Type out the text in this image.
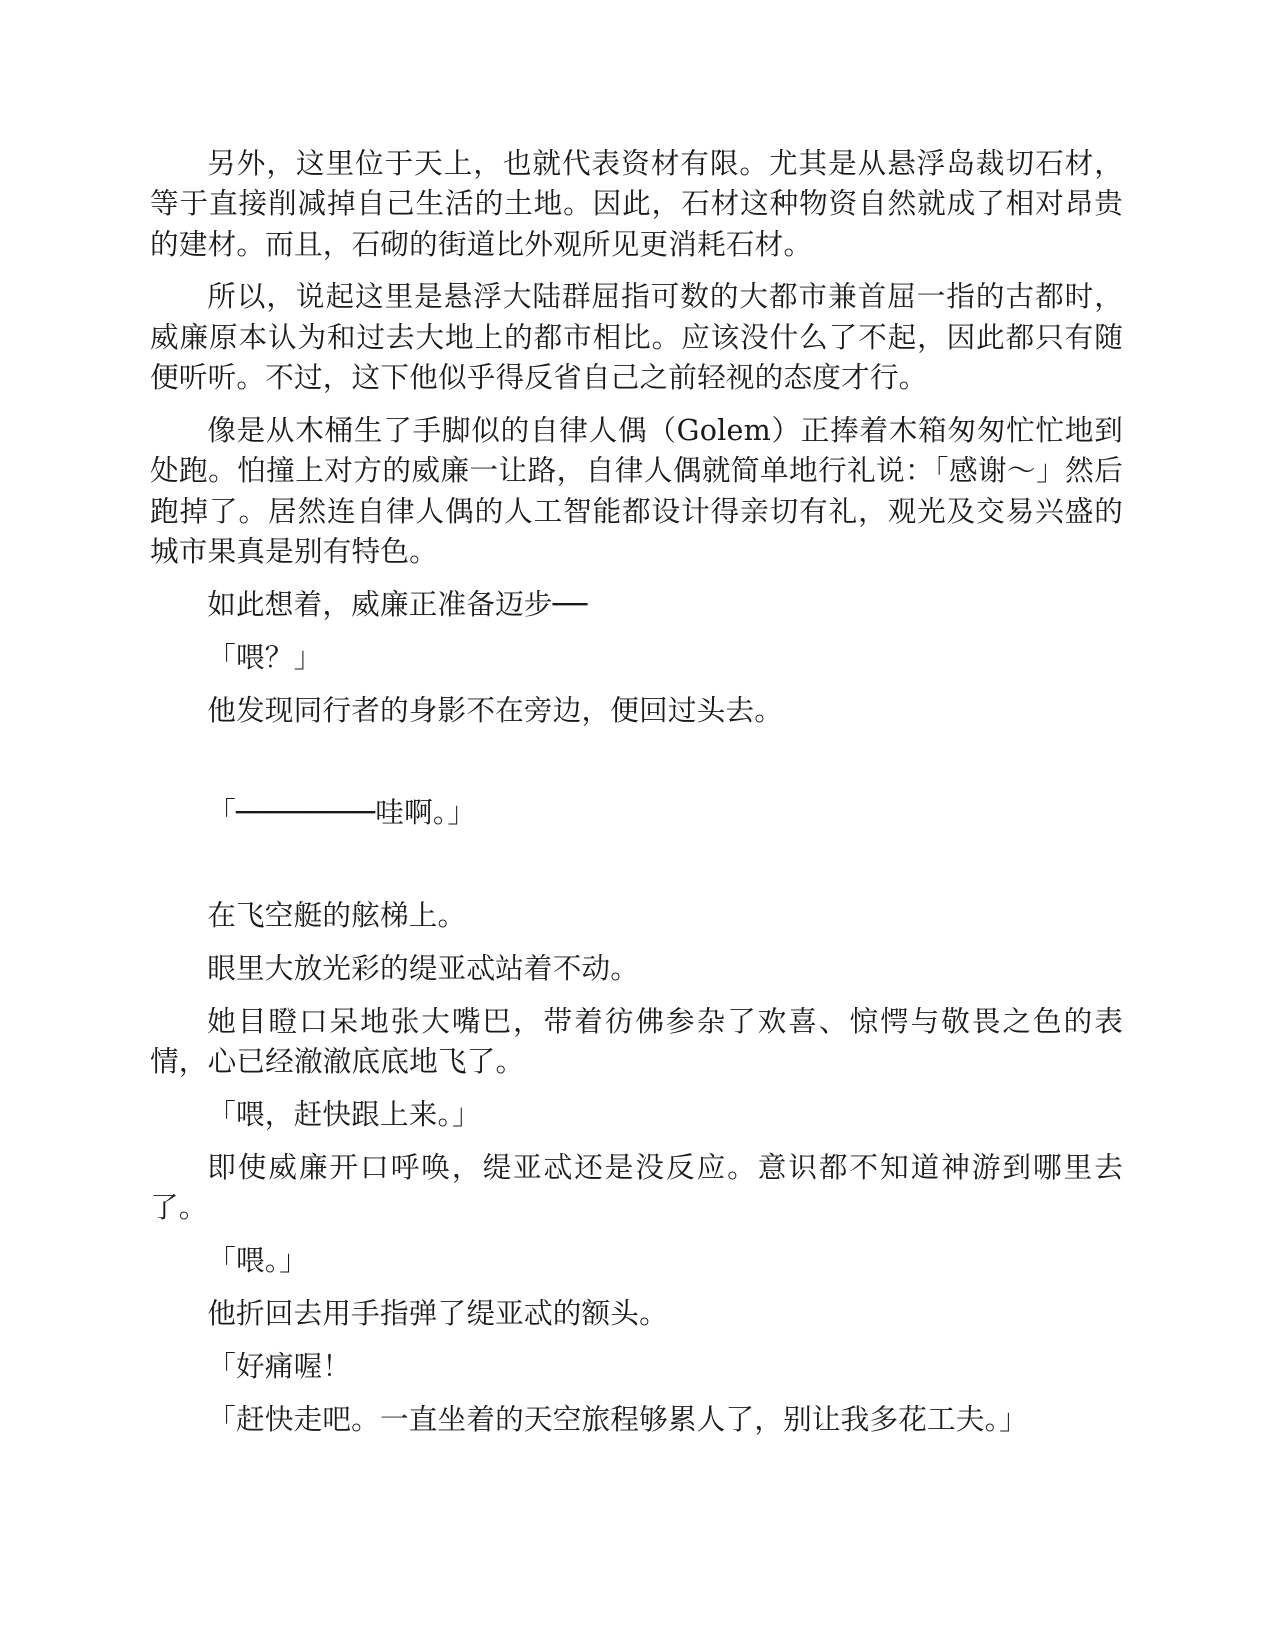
另外，这里位于天上，也就代表资材有限。尤其是从悬浮岛裁切石材，等于直接削减掉自己生活的土地。因此，石材这种物资自然就成了相对昂贵的建材。而且，石砌的街道比外观所见更消耗石材。

所以，说起这里是悬浮大陆群屈指可数的大都市兼首屈一指的古都时，威廉原本认为和过去大地上的都市相比。应该没什么了不起，因此都只有随便听听。不过，这下他似乎得反省自己之前轻视的态度才行。

像是从木桶生了手脚似的自律人偶（Golem）正捧着木箱匆匆忙忙地到处跑。怕撞上对方的威廉一让路，自律人偶就简单地行礼说：「感谢～」然后跑掉了。居然连自律人偶的人工智能都设计得亲切有礼，观光及交易兴盛的城市果真是别有特色。

如此想着，威廉正准备迈步──

「喂？」

他发现同行者的身影不在旁边，便回过头去。

「────────哇啊。」

在飞空艇的舷梯上。

眼里大放光彩的缇亚忒站着不动。

她目瞪口呆地张大嘴巴，带着彷佛参杂了欢喜、惊愕与敬畏之色的表情，心已经澈澈底底地飞了。

「喂，赶快跟上来。」

即使威廉开口呼唤，缇亚忒还是没反应。意识都不知道神游到哪里去了。

「喂。」

他折回去用手指弹了缇亚忒的额头。

「好痛喔！

「赶快走吧。一直坐着的天空旅程够累人了，别让我多花工夫。」
